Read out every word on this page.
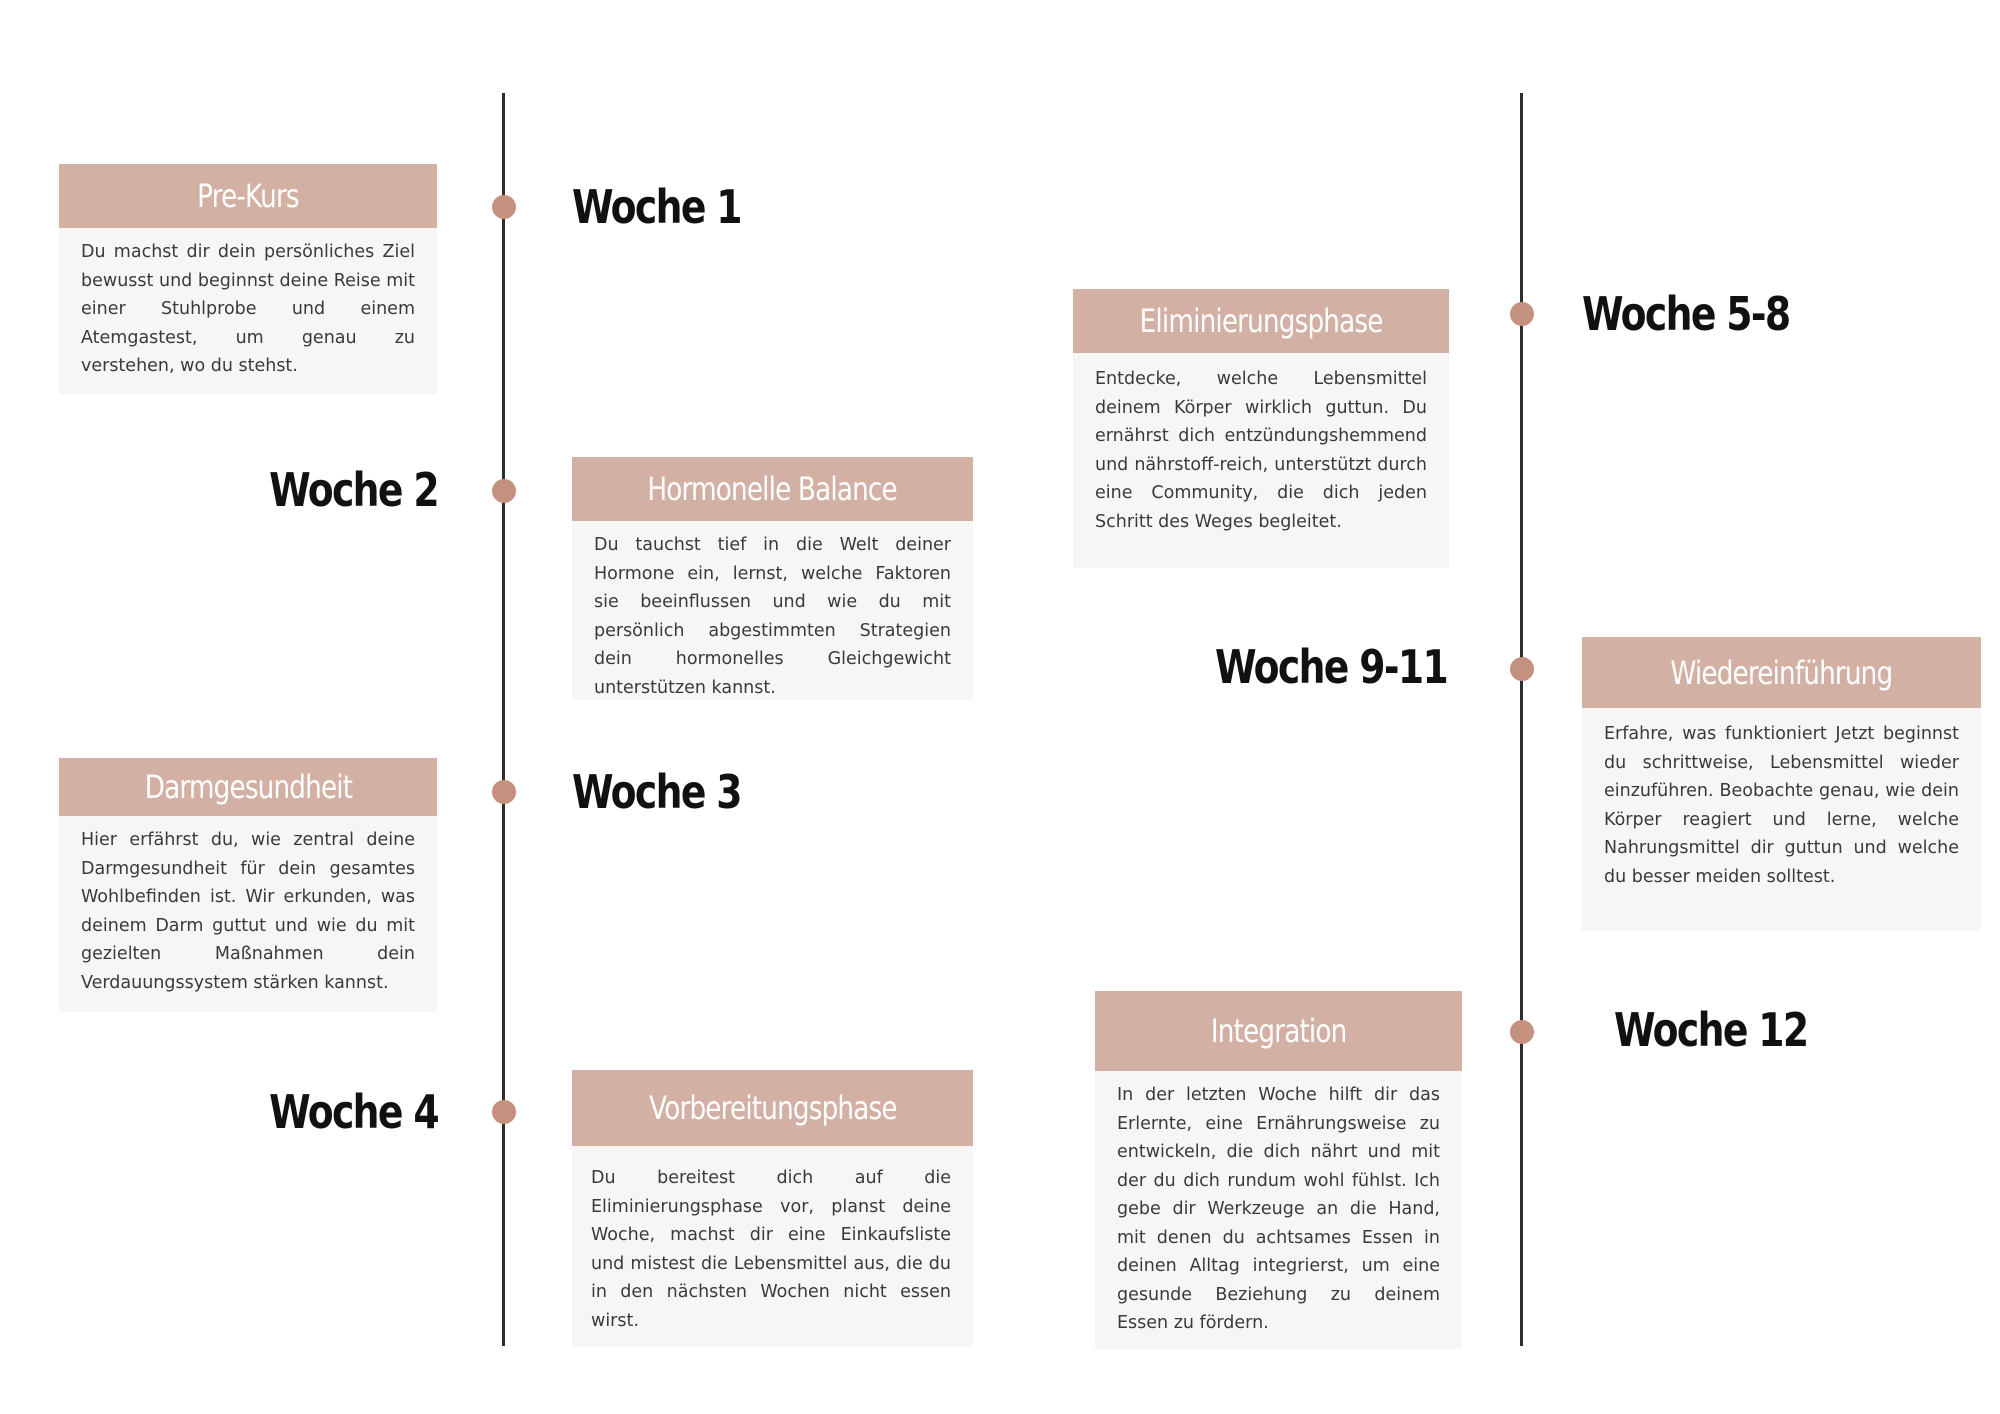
Woche 1
Woche 2
Woche 3
Woche 4
Woche 5-8
Woche 9-11
Woche 12
Pre-Kurs
Du machst dir dein persönliches Ziel bewusst und beginnst deine Reise mit einer Stuhlprobe und einem Atemgastest, um genau zu verstehen, wo du stehst.
Hormonelle Balance
Du tauchst tief in die Welt deiner Hormone ein, lernst, welche Faktoren sie beeinflussen und wie du mit persönlich abgestimmten Strategien dein hormonelles Gleichgewicht unterstützen kannst.
Darmgesundheit
Hier erfährst du, wie zentral deine Darmgesundheit für dein gesamtes Wohlbefinden ist. Wir erkunden, was deinem Darm guttut und wie du mit gezielten Maßnahmen dein Verdauungssystem stärken kannst.
Vorbereitungsphase
Du bereitest dich auf die Eliminierungsphase vor, planst deine Woche, machst dir eine Einkaufsliste und mistest die Lebensmittel aus, die du in den nächsten Wochen nicht essen wirst.
Eliminierungsphase
Entdecke, welche Lebensmittel deinem Körper wirklich guttun. Du ernährst dich entzündungshemmend und nährstoff-reich, unterstützt durch eine Community, die dich jeden Schritt des Weges begleitet.
Wiedereinführung
Erfahre, was funktioniert Jetzt beginnst du schrittweise, Lebensmittel wieder einzuführen. Beobachte genau, wie dein Körper reagiert und lerne, welche Nahrungsmittel dir guttun und welche du besser meiden solltest.
Integration
In der letzten Woche hilft dir das Erlernte, eine Ernährungsweise zu entwickeln, die dich nährt und mit der du dich rundum wohl fühlst. Ich gebe dir Werkzeuge an die Hand, mit denen du achtsames Essen in deinen Alltag integrierst, um eine gesunde Beziehung zu deinem Essen zu fördern.
